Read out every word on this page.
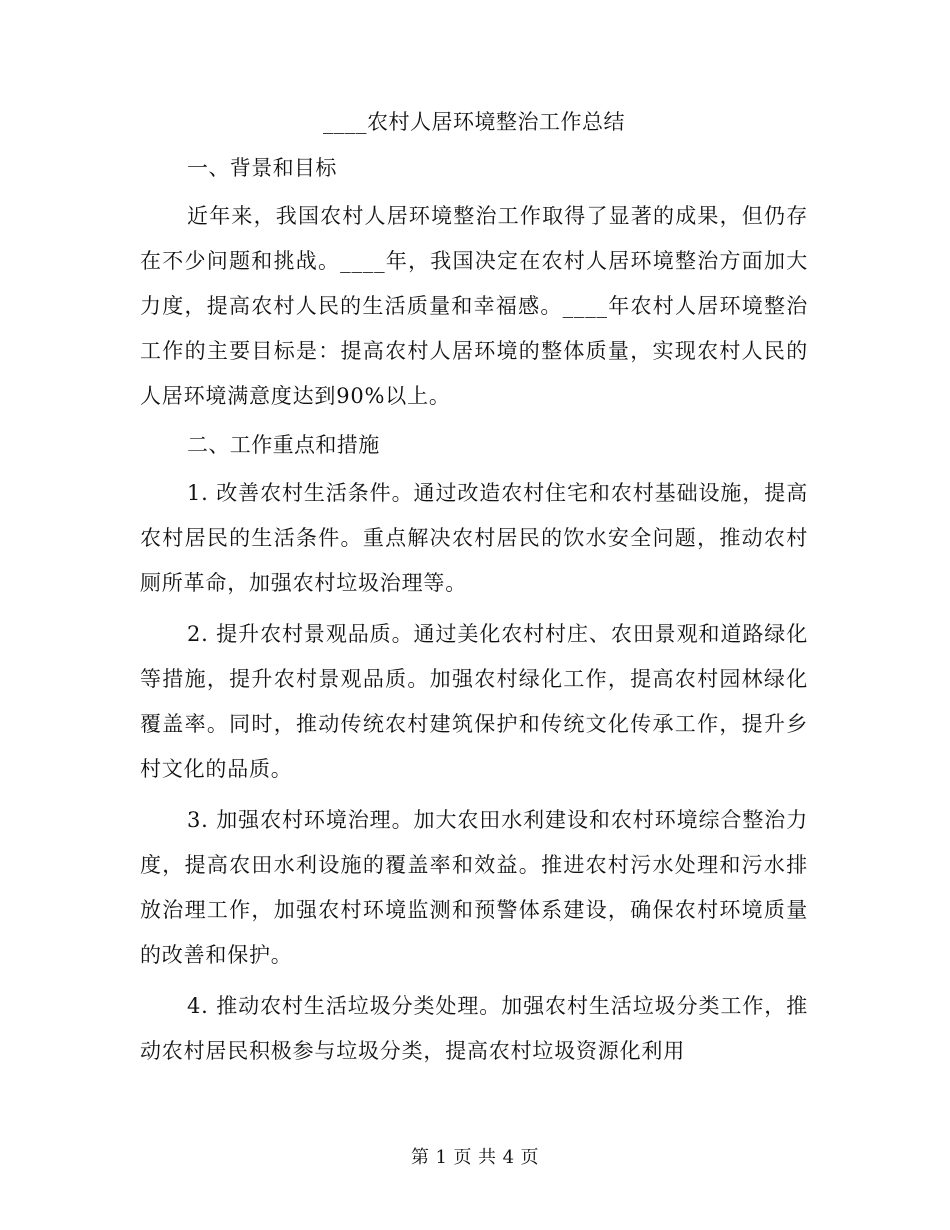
____农村人居环境整治工作总结
一、背景和目标

近年来，我国农村人居环境整治工作取得了显著的成果，但仍存在不少问题和挑战。____年，我国决定在农村人居环境整治方面加大力度，提高农村人民的生活质量和幸福感。____年农村人居环境整治工作的主要目标是：提高农村人居环境的整体质量，实现农村人民的人居环境满意度达到90%以上。

二、工作重点和措施

1. 改善农村生活条件。通过改造农村住宅和农村基础设施，提高农村居民的生活条件。重点解决农村居民的饮水安全问题，推动农村厕所革命，加强农村垃圾治理等。

2. 提升农村景观品质。通过美化农村村庄、农田景观和道路绿化等措施，提升农村景观品质。加强农村绿化工作，提高农村园林绿化覆盖率。同时，推动传统农村建筑保护和传统文化传承工作，提升乡村文化的品质。

3. 加强农村环境治理。加大农田水利建设和农村环境综合整治力度，提高农田水利设施的覆盖率和效益。推进农村污水处理和污水排放治理工作，加强农村环境监测和预警体系建设，确保农村环境质量的改善和保护。

4. 推动农村生活垃圾分类处理。加强农村生活垃圾分类工作，推动农村居民积极参与垃圾分类，提高农村垃圾资源化利用

第 1 页 共 4 页
